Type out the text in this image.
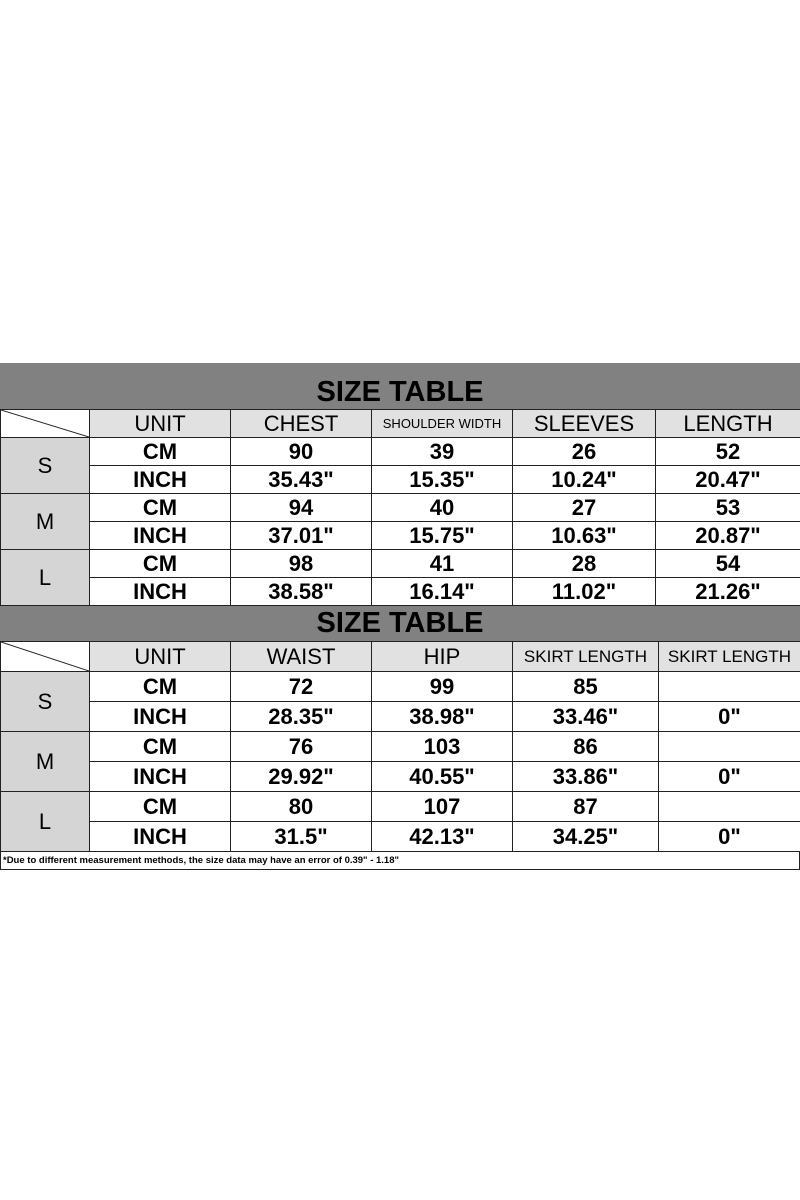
SIZE TABLE
	UNIT	CHEST	SHOULDER WIDTH	SLEEVES	LENGTH
S	CM	90	39	26	52
	INCH	35.43"	15.35"	10.24"	20.47"
M	CM	94	40	27	53
	INCH	37.01"	15.75"	10.63"	20.87"
L	CM	98	41	28	54
	INCH	38.58"	16.14"	11.02"	21.26"
SIZE TABLE
	UNIT	WAIST	HIP	SKIRT LENGTH	SKIRT LENGTH
S	CM	72	99	85	
	INCH	28.35"	38.98"	33.46"	0"
M	CM	76	103	86	
	INCH	29.92"	40.55"	33.86"	0"
L	CM	80	107	87	
	INCH	31.5"	42.13"	34.25"	0"
*Due to different measurement methods, the size data may have an error of 0.39" - 1.18"
